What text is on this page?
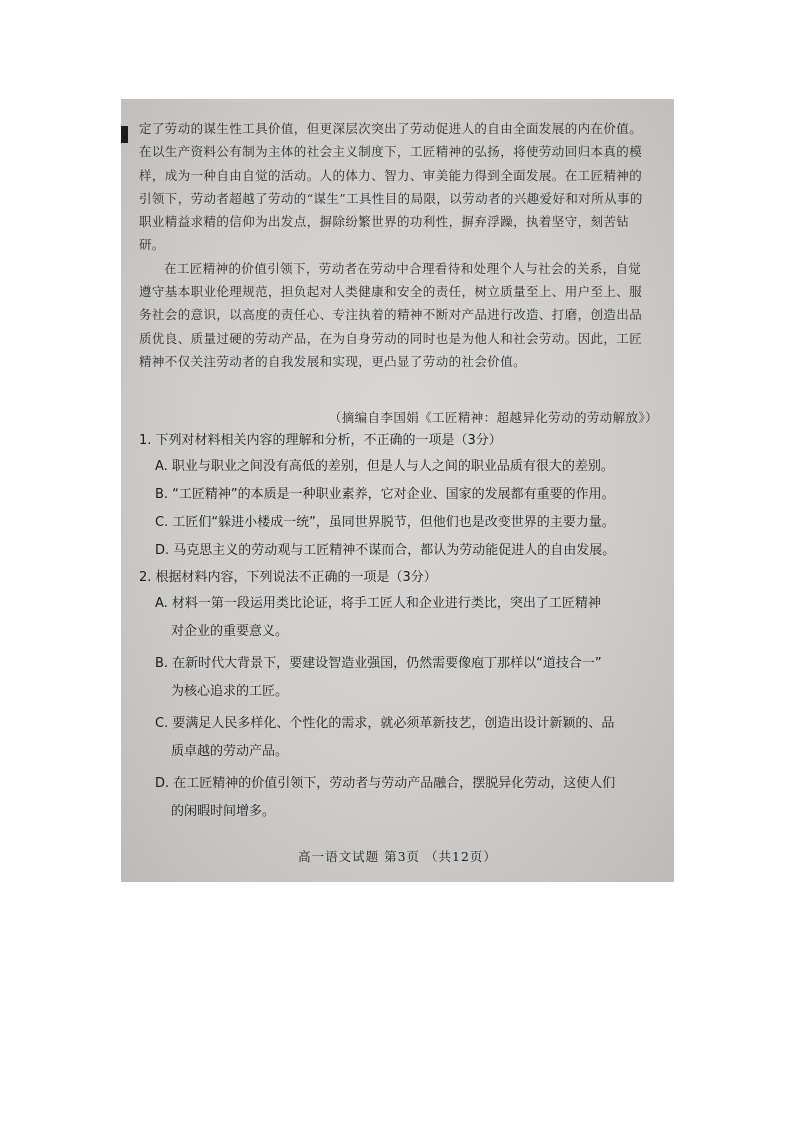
定了劳动的谋生性工具价值，但更深层次突出了劳动促进人的自由全面发展的内在价值。在以生产资料公有制为主体的社会主义制度下，工匠精神的弘扬，将使劳动回归本真的模样，成为一种自由自觉的活动。人的体力、智力、审美能力得到全面发展。在工匠精神的引领下，劳动者超越了劳动的“谋生”工具性目的局限，以劳动者的兴趣爱好和对所从事的职业精益求精的信仰为出发点，摒除纷繁世界的功利性，摒弃浮躁，执着坚守，刻苦钻研。

在工匠精神的价值引领下，劳动者在劳动中合理看待和处理个人与社会的关系，自觉遵守基本职业伦理规范，担负起对人类健康和安全的责任，树立质量至上、用户至上、服务社会的意识，以高度的责任心、专注执着的精神不断对产品进行改造、打磨，创造出品质优良、质量过硬的劳动产品，在为自身劳动的同时也是为他人和社会劳动。因此，工匠精神不仅关注劳动者的自我发展和实现，更凸显了劳动的社会价值。

（摘编自李国娟《工匠精神：超越异化劳动的劳动解放》）

1. 下列对材料相关内容的理解和分析，不正确的一项是（3分）

A. 职业与职业之间没有高低的差别，但是人与人之间的职业品质有很大的差别。

B. “工匠精神”的本质是一种职业素养，它对企业、国家的发展都有重要的作用。

C. 工匠们“躲进小楼成一统”，虽同世界脱节，但他们也是改变世界的主要力量。

D. 马克思主义的劳动观与工匠精神不谋而合，都认为劳动能促进人的自由发展。

2. 根据材料内容，下列说法不正确的一项是（3分）

A. 材料一第一段运用类比论证，将手工匠人和企业进行类比，突出了工匠精神

对企业的重要意义。

B. 在新时代大背景下，要建设智造业强国，仍然需要像庖丁那样以“道技合一”

为核心追求的工匠。

C. 要满足人民多样化、个性化的需求，就必须革新技艺，创造出设计新颖的、品

质卓越的劳动产品。

D. 在工匠精神的价值引领下，劳动者与劳动产品融合，摆脱异化劳动，这使人们

的闲暇时间增多。

高一语文试题 第3页 （共12页）
